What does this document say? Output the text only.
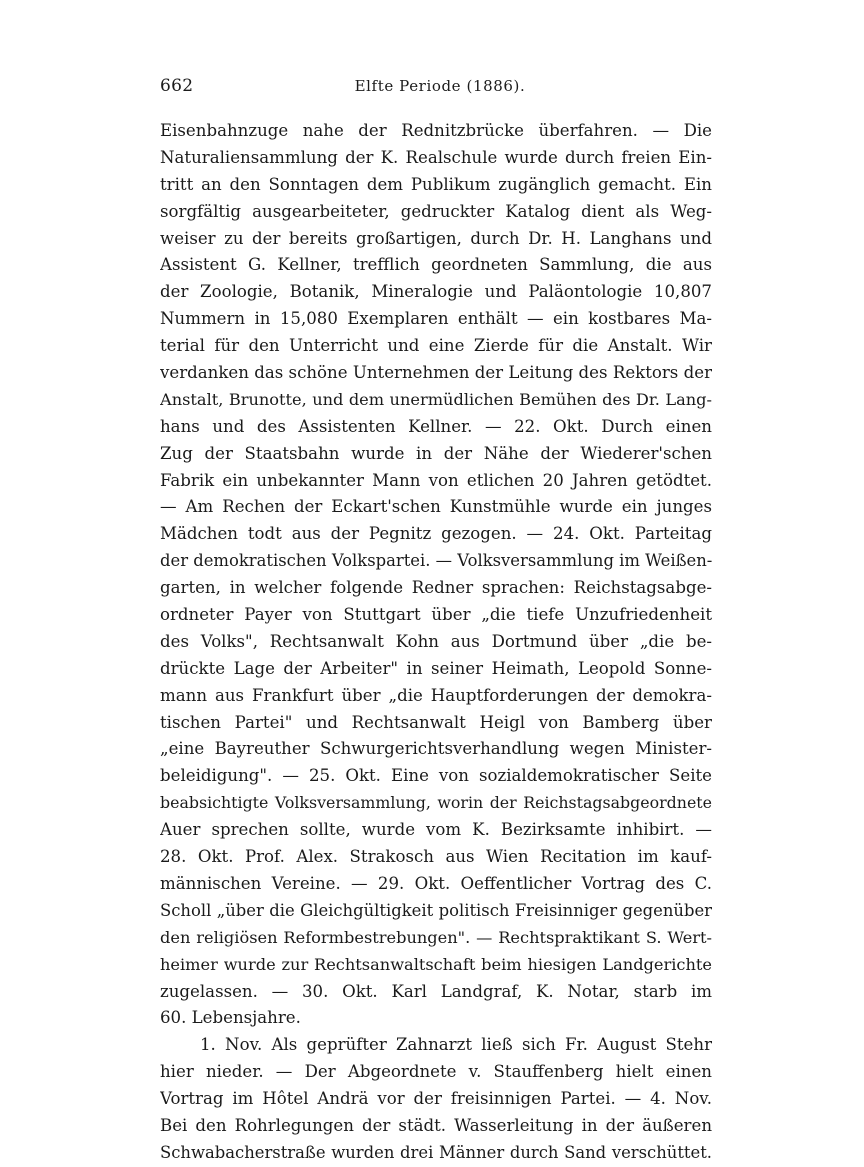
662	Elfte Periode (1886).
Eisenbahnzuge nahe der Rednitzbrücke überfahren. — Die
Naturaliensammlung der K. Realschule wurde durch freien Ein-
tritt an den Sonntagen dem Publikum zugänglich gemacht. Ein
sorgfältig ausgearbeiteter, gedruckter Katalog dient als Weg-
weiser zu der bereits großartigen, durch Dr. H. Langhans und
Assistent G. Kellner, trefflich geordneten Sammlung, die aus
der Zoologie, Botanik, Mineralogie und Paläontologie 10,807
Nummern in 15,080 Exemplaren enthält — ein kostbares Ma-
terial für den Unterricht und eine Zierde für die Anstalt. Wir
verdanken das schöne Unternehmen der Leitung des Rektors der
Anstalt, Brunotte, und dem unermüdlichen Bemühen des Dr. Lang-
hans und des Assistenten Kellner. — 22. Okt. Durch einen
Zug der Staatsbahn wurde in der Nähe der Wiederer'schen
Fabrik ein unbekannter Mann von etlichen 20 Jahren getödtet.
— Am Rechen der Eckart'schen Kunstmühle wurde ein junges
Mädchen todt aus der Pegnitz gezogen. — 24. Okt. Parteitag
der demokratischen Volkspartei. — Volksversammlung im Weißen-
garten, in welcher folgende Redner sprachen: Reichstagsabge-
ordneter Payer von Stuttgart über „die tiefe Unzufriedenheit
des Volks", Rechtsanwalt Kohn aus Dortmund über „die be-
drückte Lage der Arbeiter" in seiner Heimath, Leopold Sonne-
mann aus Frankfurt über „die Hauptforderungen der demokra-
tischen Partei" und Rechtsanwalt Heigl von Bamberg über
„eine Bayreuther Schwurgerichtsverhandlung wegen Minister-
beleidigung". — 25. Okt. Eine von sozialdemokratischer Seite
beabsichtigte Volksversammlung, worin der Reichstagsabgeordnete
Auer sprechen sollte, wurde vom K. Bezirksamte inhibirt. —
28. Okt. Prof. Alex. Strakosch aus Wien Recitation im kauf-
männischen Vereine. — 29. Okt. Oeffentlicher Vortrag des C.
Scholl „über die Gleichgültigkeit politisch Freisinniger gegenüber
den religiösen Reformbestrebungen". — Rechtspraktikant S. Wert-
heimer wurde zur Rechtsanwaltschaft beim hiesigen Landgerichte
zugelassen. — 30. Okt. Karl Landgraf, K. Notar, starb im
60. Lebensjahre.
1. Nov. Als geprüfter Zahnarzt ließ sich Fr. August Stehr
hier nieder. — Der Abgeordnete v. Stauffenberg hielt einen
Vortrag im Hôtel Andrä vor der freisinnigen Partei. — 4. Nov.
Bei den Rohrlegungen der städt. Wasserleitung in der äußeren
Schwabacherstraße wurden drei Männer durch Sand verschüttet.
